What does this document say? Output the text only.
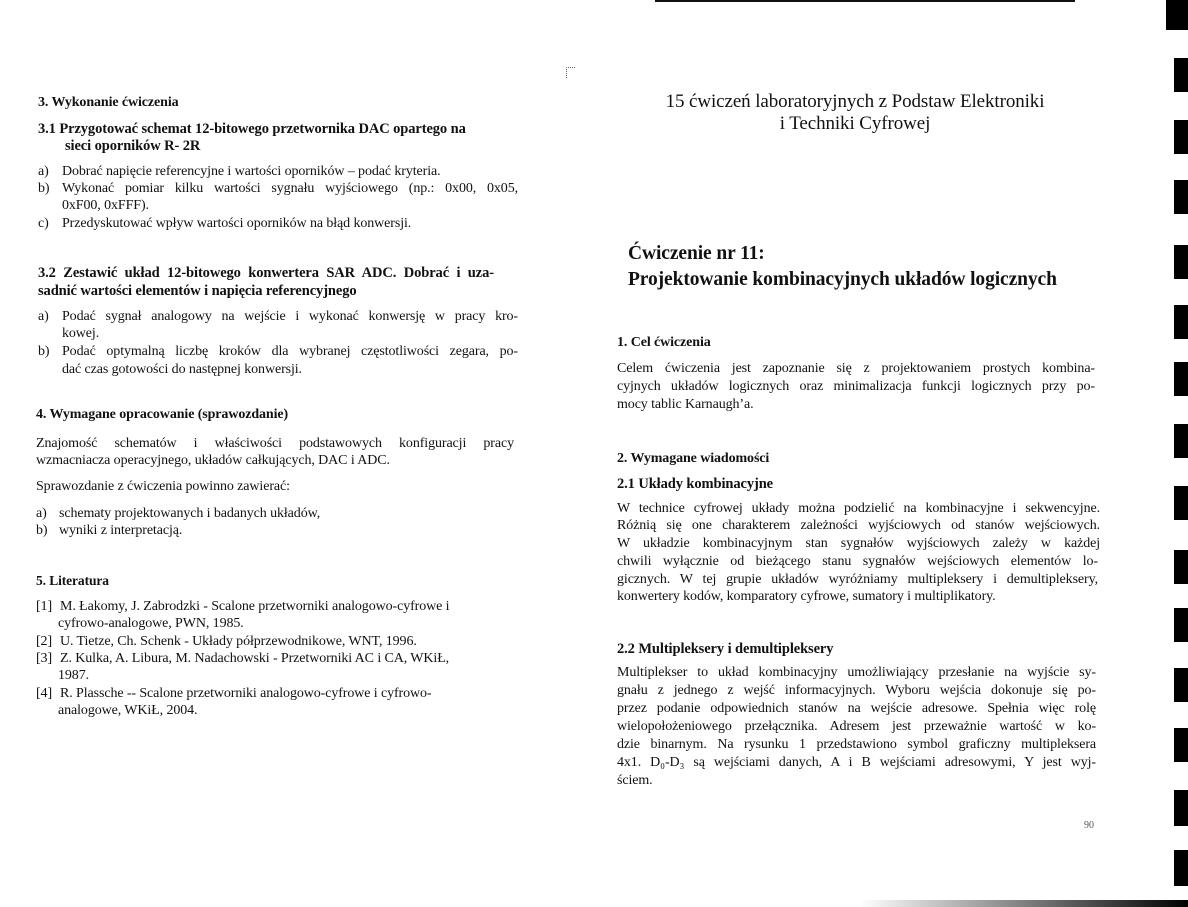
3. Wykonanie ćwiczenia
3.1 Przygotować schemat 12-bitowego przetwornika DAC opartego na
sieci oporników R- 2R
a) Dobrać napięcie referencyjne i wartości oporników – podać kryteria.
b) Wykonać pomiar kilku wartości sygnału wyjściowego (np.: 0x00, 0x05,
0xF00, 0xFFF).
c) Przedyskutować wpływ wartości oporników na błąd konwersji.
3.2 Zestawić układ 12-bitowego konwertera SAR ADC. Dobrać i uza-
sadnić wartości elementów i napięcia referencyjnego
a) Podać sygnał analogowy na wejście i wykonać konwersję w pracy kro-
kowej.
b) Podać optymalną liczbę kroków dla wybranej częstotliwości zegara, po-
dać czas gotowości do następnej konwersji.
4. Wymagane opracowanie (sprawozdanie)
Znajomość schematów i właściwości podstawowych konfiguracji pracy
wzmacniacza operacyjnego, układów całkujących, DAC i ADC.
Sprawozdanie z ćwiczenia powinno zawierać:
a) schematy projektowanych i badanych układów,
b) wyniki z interpretacją.
5. Literatura
[1] M. Łakomy, J. Zabrodzki - Scalone przetworniki analogowo-cyfrowe i
cyfrowo-analogowe, PWN, 1985.
[2] U. Tietze, Ch. Schenk - Układy półprzewodnikowe, WNT, 1996.
[3] Z. Kulka, A. Libura, M. Nadachowski - Przetworniki AC i CA, WKiŁ,
1987.
[4] R. Plassche -- Scalone przetworniki analogowo-cyfrowe i cyfrowo-
analogowe, WKiŁ, 2004.
15 ćwiczeń laboratoryjnych z Podstaw Elektroniki
i Techniki Cyfrowej
Ćwiczenie nr 11:
Projektowanie kombinacyjnych układów logicznych
1. Cel ćwiczenia
Celem ćwiczenia jest zapoznanie się z projektowaniem prostych kombina-
cyjnych układów logicznych oraz minimalizacja funkcji logicznych przy po-
mocy tablic Karnaugh’a.
2. Wymagane wiadomości
2.1 Układy kombinacyjne
W technice cyfrowej układy można podzielić na kombinacyjne i sekwencyjne.
Różnią się one charakterem zależności wyjściowych od stanów wejściowych.
W układzie kombinacyjnym stan sygnałów wyjściowych zależy w każdej
chwili wyłącznie od bieżącego stanu sygnałów wejściowych elementów lo-
gicznych. W tej grupie układów wyróżniamy multipleksery i demultipleksery,
konwertery kodów, komparatory cyfrowe, sumatory i multiplikatory.
2.2 Multipleksery i demultipleksery
Multiplekser to układ kombinacyjny umożliwiający przesłanie na wyjście sy-
gnału z jednego z wejść informacyjnych. Wyboru wejścia dokonuje się po-
przez podanie odpowiednich stanów na wejście adresowe. Spełnia więc rolę
wielopołożeniowego przełącznika. Adresem jest przeważnie wartość w ko-
dzie binarnym. Na rysunku 1 przedstawiono symbol graficzny multipleksera
4x1. D₀-D₃ są wejściami danych, A i B wejściami adresowymi, Y jest wyj-
ściem.
90
